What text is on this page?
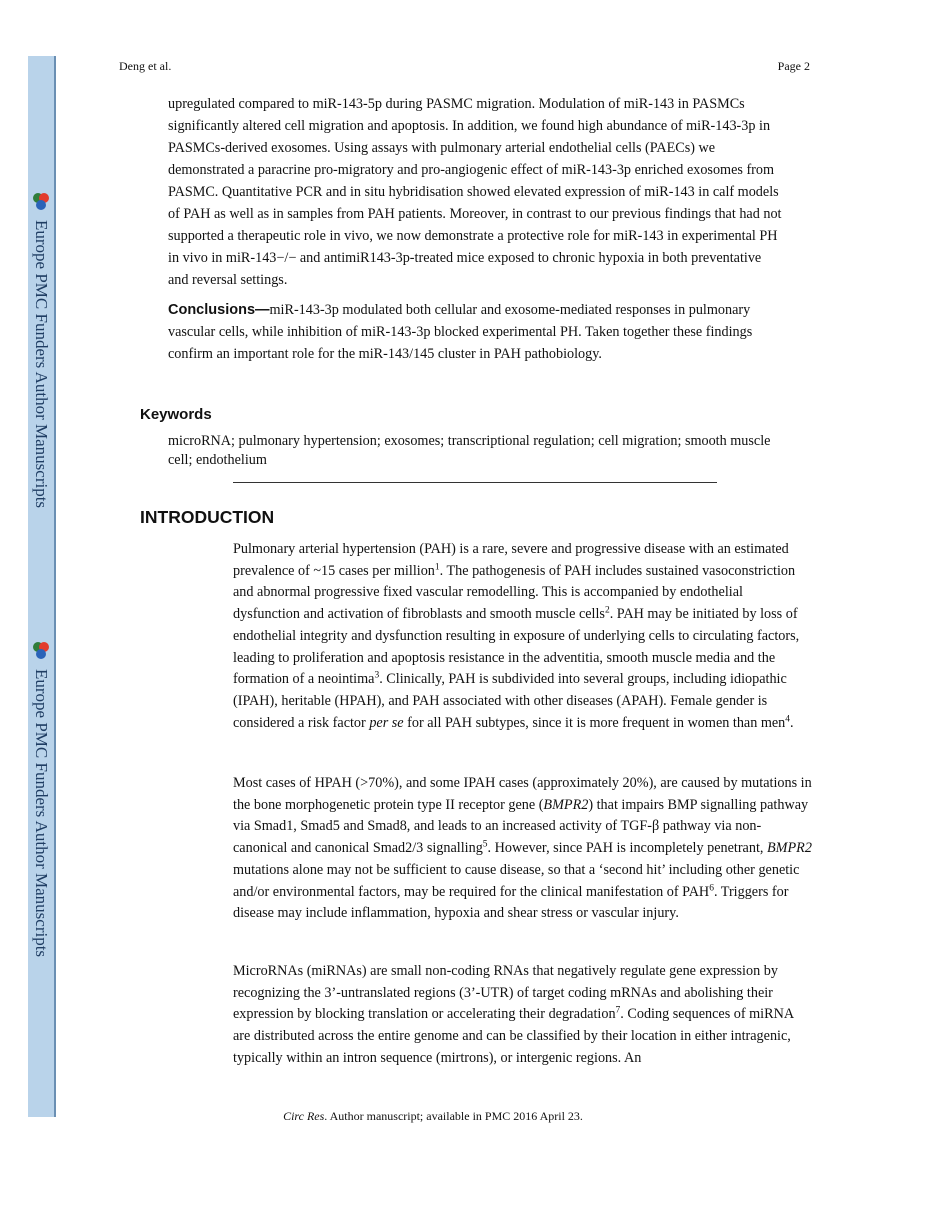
Europe PMC Funders Author Manuscripts
Europe PMC Funders Author Manuscripts
Deng et al.	Page 2
upregulated compared to miR-143-5p during PASMC migration. Modulation of miR-143 in PASMCs significantly altered cell migration and apoptosis. In addition, we found high abundance of miR-143-3p in PASMCs-derived exosomes. Using assays with pulmonary arterial endothelial cells (PAECs) we demonstrated a paracrine pro-migratory and pro-angiogenic effect of miR-143-3p enriched exosomes from PASMC. Quantitative PCR and in situ hybridisation showed elevated expression of miR-143 in calf models of PAH as well as in samples from PAH patients. Moreover, in contrast to our previous findings that had not supported a therapeutic role in vivo, we now demonstrate a protective role for miR-143 in experimental PH in vivo in miR-143−/− and antimiR143-3p-treated mice exposed to chronic hypoxia in both preventative and reversal settings.
Conclusions—miR-143-3p modulated both cellular and exosome-mediated responses in pulmonary vascular cells, while inhibition of miR-143-3p blocked experimental PH. Taken together these findings confirm an important role for the miR-143/145 cluster in PAH pathobiology.
Keywords
microRNA; pulmonary hypertension; exosomes; transcriptional regulation; cell migration; smooth muscle cell; endothelium
INTRODUCTION
Pulmonary arterial hypertension (PAH) is a rare, severe and progressive disease with an estimated prevalence of ~15 cases per million$^1$. The pathogenesis of PAH includes sustained vasoconstriction and abnormal progressive fixed vascular remodelling. This is accompanied by endothelial dysfunction and activation of fibroblasts and smooth muscle cells$^2$. PAH may be initiated by loss of endothelial integrity and dysfunction resulting in exposure of underlying cells to circulating factors, leading to proliferation and apoptosis resistance in the adventitia, smooth muscle media and the formation of a neointima$^3$. Clinically, PAH is subdivided into several groups, including idiopathic (IPAH), heritable (HPAH), and PAH associated with other diseases (APAH). Female gender is considered a risk factor per se for all PAH subtypes, since it is more frequent in women than men$^4$.
Most cases of HPAH (>70%), and some IPAH cases (approximately 20%), are caused by mutations in the bone morphogenetic protein type II receptor gene (BMPR2) that impairs BMP signalling pathway via Smad1, Smad5 and Smad8, and leads to an increased activity of TGF-β pathway via non-canonical and canonical Smad2/3 signalling$^5$. However, since PAH is incompletely penetrant, BMPR2 mutations alone may not be sufficient to cause disease, so that a ‘second hit’ including other genetic and/or environmental factors, may be required for the clinical manifestation of PAH$^6$. Triggers for disease may include inflammation, hypoxia and shear stress or vascular injury.
MicroRNAs (miRNAs) are small non-coding RNAs that negatively regulate gene expression by recognizing the 3’-untranslated regions (3’-UTR) of target coding mRNAs and abolishing their expression by blocking translation or accelerating their degradation$^7$. Coding sequences of miRNA are distributed across the entire genome and can be classified by their location in either intragenic, typically within an intron sequence (mirtrons), or intergenic regions. An
Circ Res. Author manuscript; available in PMC 2016 April 23.
